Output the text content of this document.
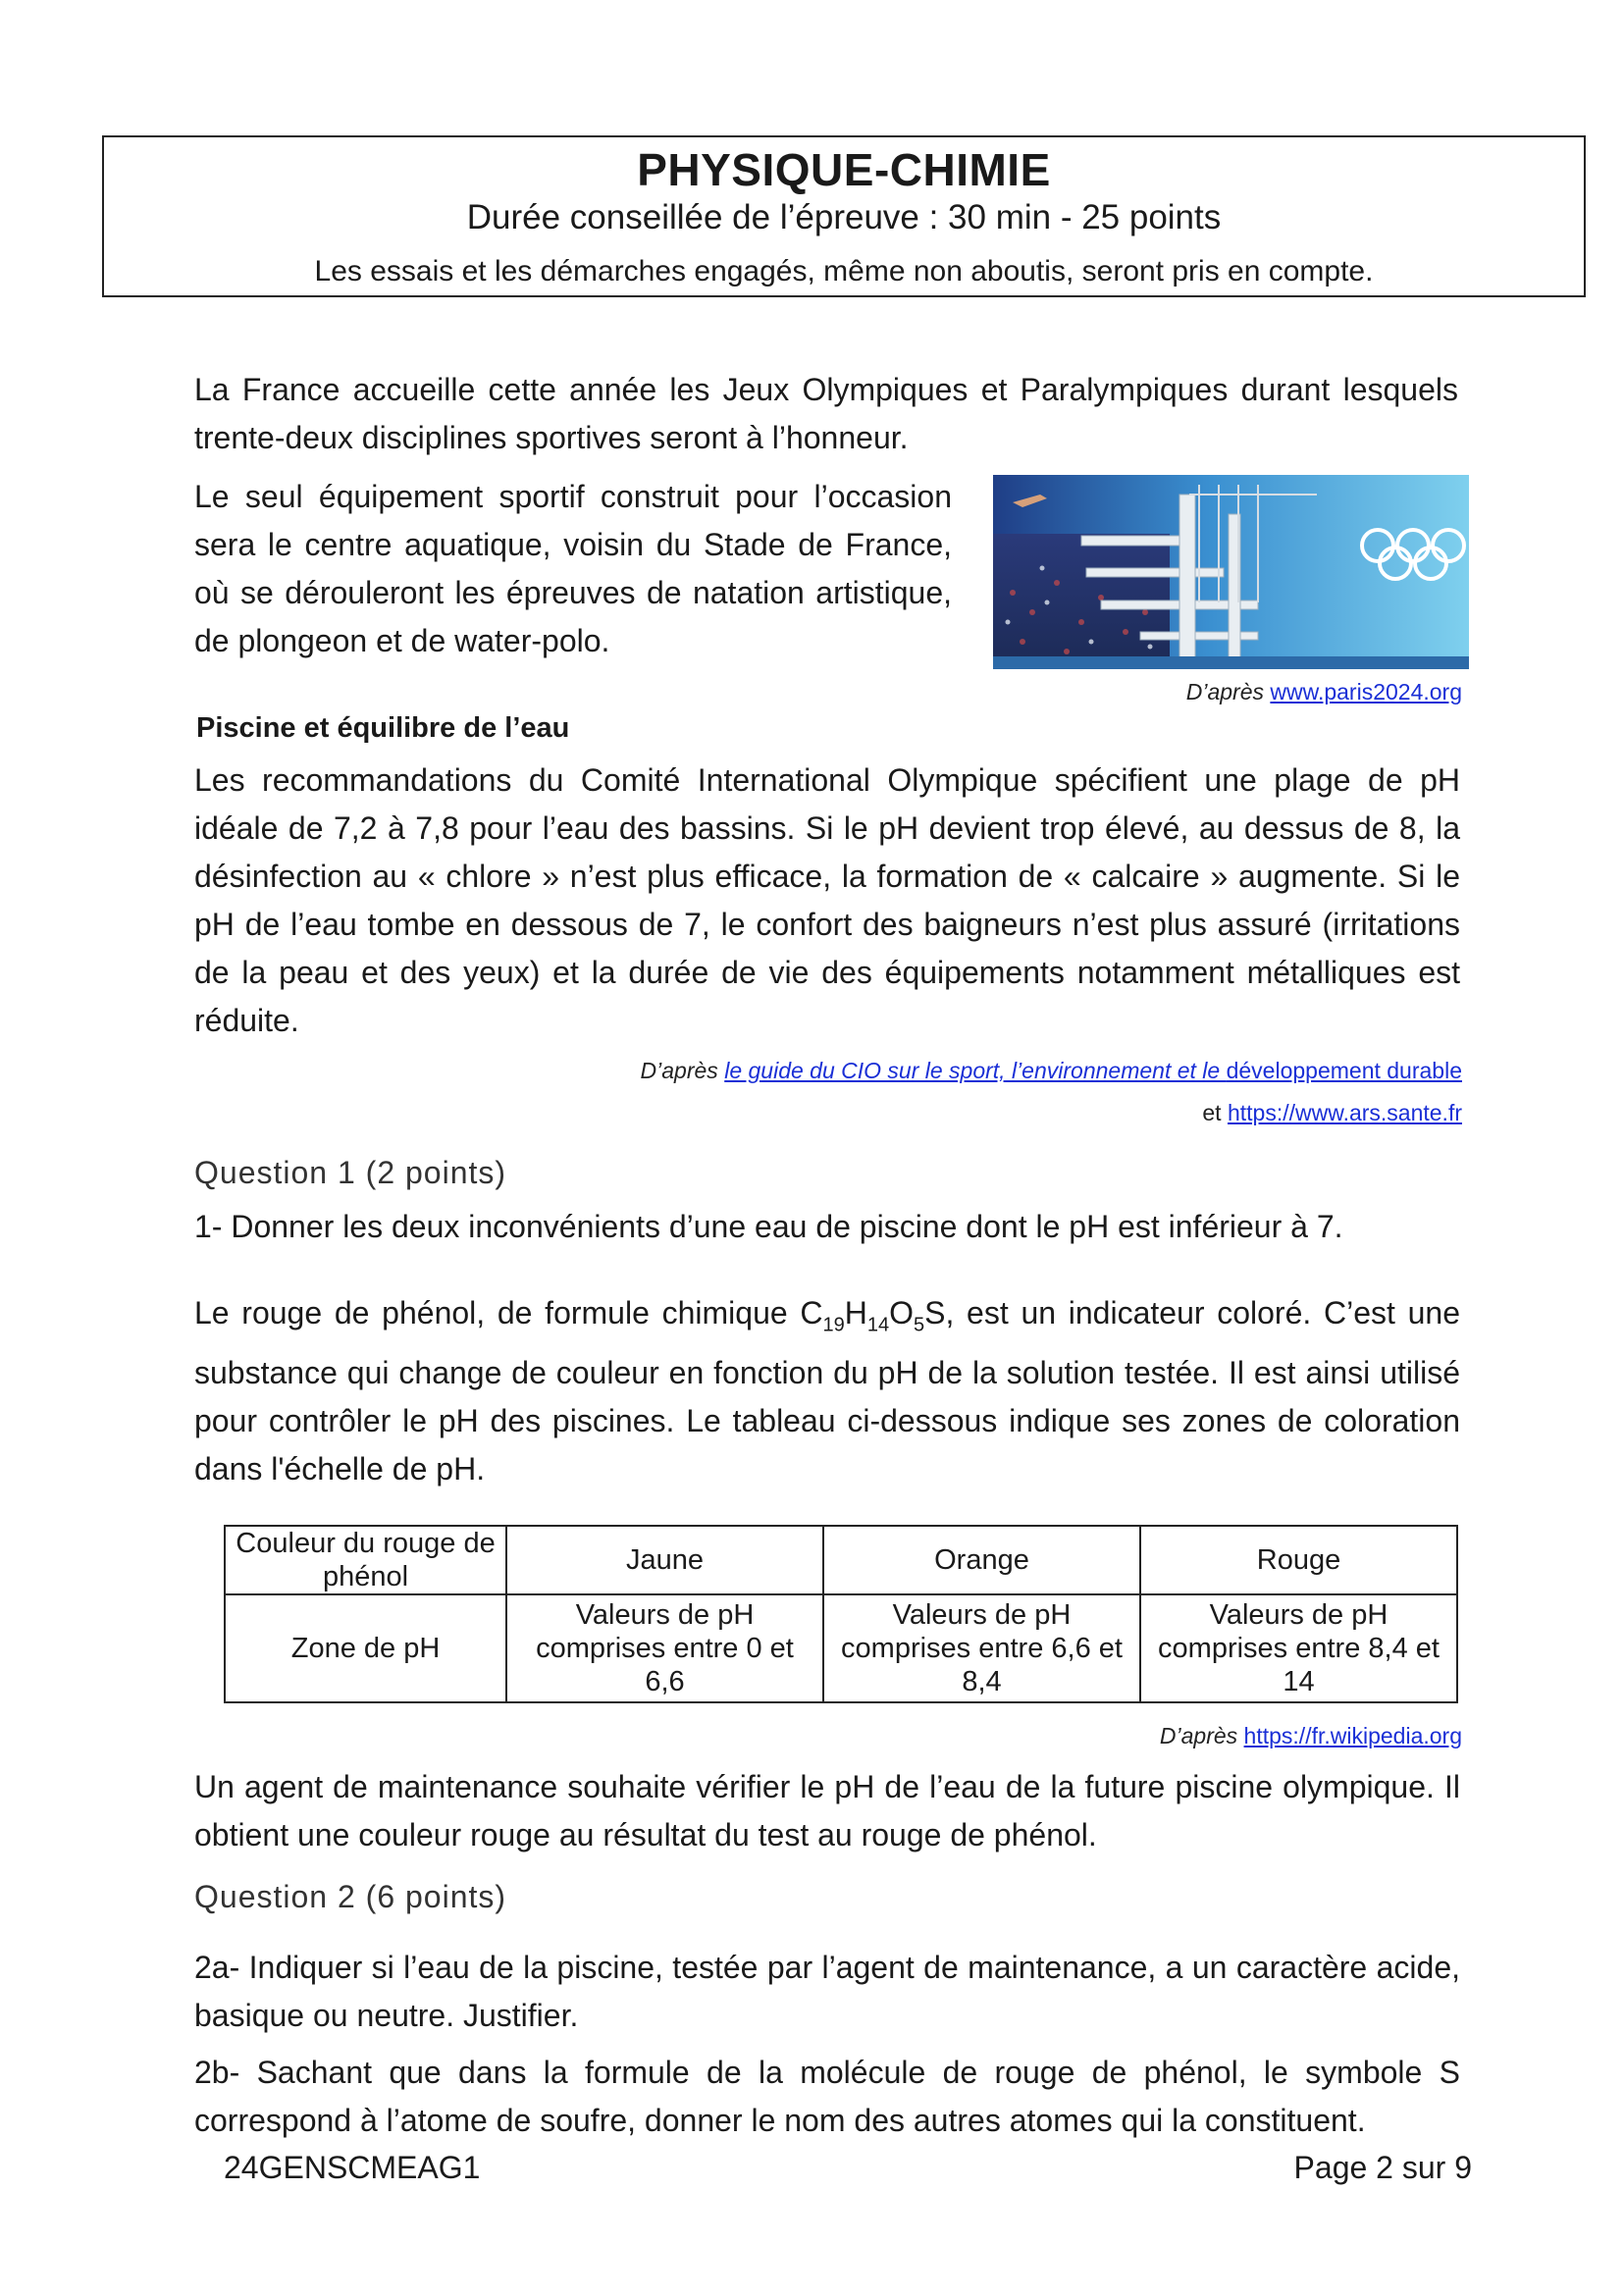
PHYSIQUE-CHIMIE
Durée conseillée de l’épreuve : 30 min - 25 points
Les essais et les démarches engagés, même non aboutis, seront pris en compte.

La France accueille cette année les Jeux Olympiques et Paralympiques durant lesquels trente-deux disciplines sportives seront à l’honneur.

Le seul équipement sportif construit pour l’occasion sera le centre aquatique, voisin du Stade de France, où se dérouleront les épreuves de natation artistique, de plongeon et de water-polo.

D’après www.paris2024.org
Piscine et équilibre de l’eau

Les recommandations du Comité International Olympique spécifient une plage de pH idéale de 7,2 à 7,8 pour l’eau des bassins. Si le pH devient trop élevé, au dessus de 8, la désinfection au « chlore » n’est plus efficace, la formation de « calcaire » augmente. Si le pH de l’eau tombe en dessous de 7, le confort des baigneurs n’est plus assuré (irritations de la peau et des yeux) et la durée de vie des équipements notamment métalliques est réduite.

D’après le guide du CIO sur le sport, l’environnement et le développement durable
et https://www.ars.sante.fr
Question 1 (2 points)

1- Donner les deux inconvénients d’une eau de piscine dont le pH est inférieur à 7.

Le rouge de phénol, de formule chimique $C_{19}H_{14}O_5S$, est un indicateur coloré. C’est une substance qui change de couleur en fonction du pH de la solution testée. Il est ainsi utilisé pour contrôler le pH des piscines. Le tableau ci-dessous indique ses zones de coloration dans l'échelle de pH.

Couleur du rouge de phénol	Jaune	Orange	Rouge
Zone de pH	Valeurs de pH comprises entre 0 et 6,6	Valeurs de pH comprises entre 6,6 et 8,4	Valeurs de pH comprises entre 8,4 et 14
D’après https://fr.wikipedia.org

Un agent de maintenance souhaite vérifier le pH de l’eau de la future piscine olympique. Il obtient une couleur rouge au résultat du test au rouge de phénol.

Question 2 (6 points)

2a- Indiquer si l’eau de la piscine, testée par l’agent de maintenance, a un caractère acide, basique ou neutre. Justifier.

2b- Sachant que dans la formule de la molécule de rouge de phénol, le symbole S correspond à l’atome de soufre, donner le nom des autres atomes qui la constituent.

24GENSCMEAG1	Page 2 sur 9
